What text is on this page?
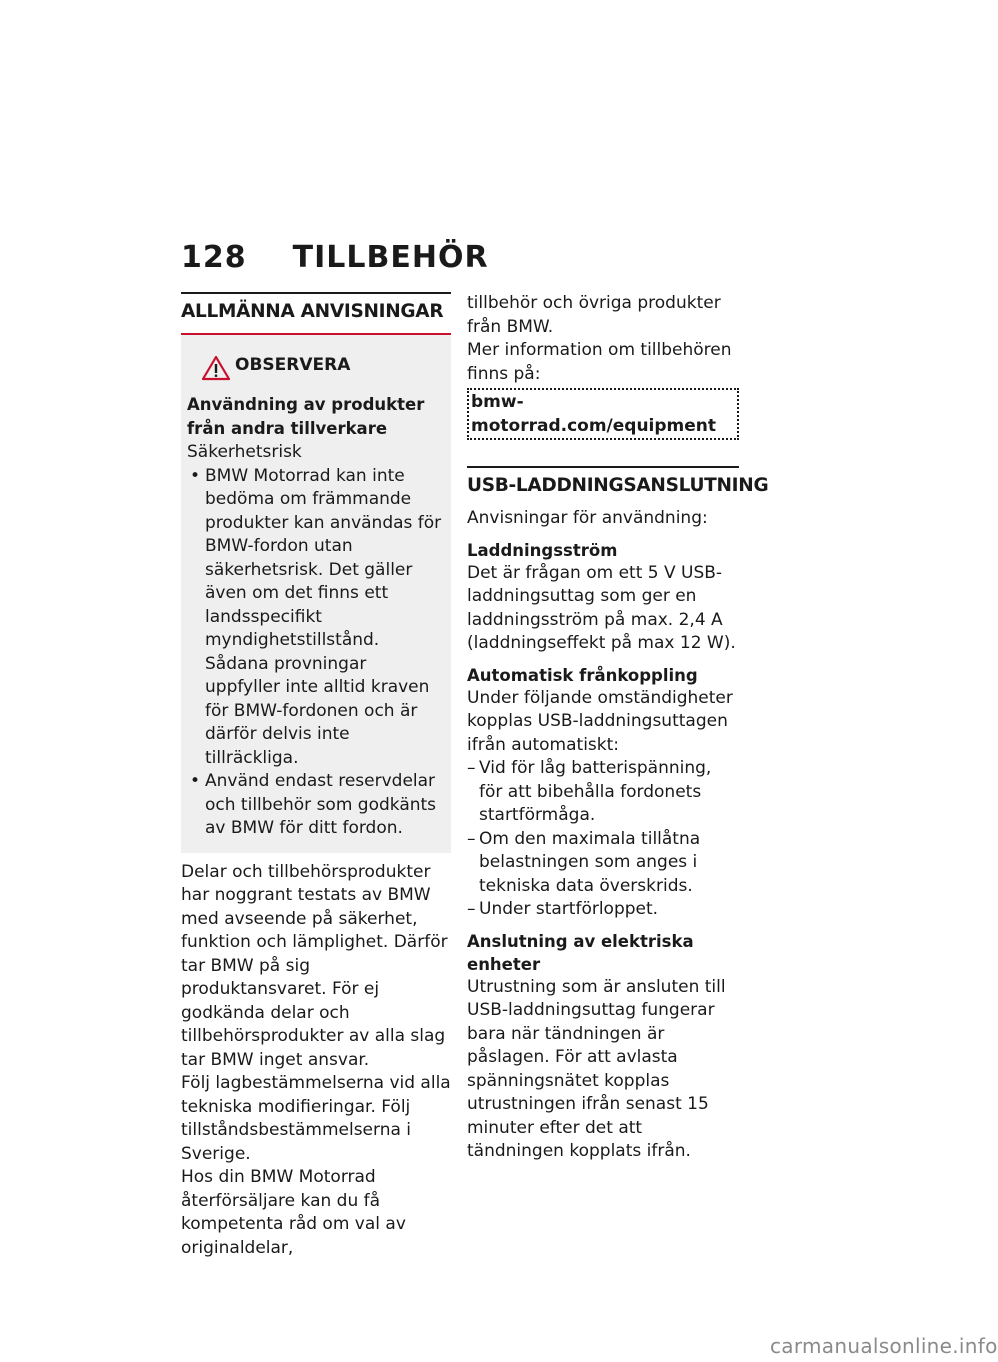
128 TILLBEHÖR
ALLMÄNNA ANVISNINGAR
OBSERVERA
Användning av produkter från andra tillverkare
Säkerhetsrisk
• BMW Motorrad kan inte bedöma om främmande produkter kan användas för BMW-fordon utan säkerhetsrisk. Det gäller även om det finns ett landsspecifikt myndighetstillstånd. Sådana provningar uppfyller inte alltid kraven för BMW-fordonen och är därför delvis inte tillräckliga.
• Använd endast reservdelar och tillbehör som godkänts av BMW för ditt fordon.
Delar och tillbehörsprodukter har noggrant testats av BMW med avseende på säkerhet, funktion och lämplighet. Därför tar BMW på sig produktansvaret. För ej godkända delar och tillbehörsprodukter av alla slag tar BMW inget ansvar.
Följ lagbestämmelserna vid alla tekniska modifieringar. Följ tillståndsbestämmelserna i Sverige.
Hos din BMW Motorrad återförsäljare kan du få kompetenta råd om val av originaldelar,
tillbehör och övriga produkter från BMW.
Mer information om tillbehören finns på:
bmw-motorrad.com/equipment
USB-LADDNINGSANSLUTNING
Anvisningar för användning:
Laddningsström
Det är frågan om ett 5 V USB-laddningsuttag som ger en laddningsström på max. 2,4 A (laddningseffekt på max 12 W).
Automatisk frånkoppling
Under följande omständigheter kopplas USB-laddningsuttagen ifrån automatiskt:
– Vid för låg batterispänning, för att bibehålla fordonets startförmåga.
– Om den maximala tillåtna belastningen som anges i tekniska data överskrids.
– Under startförloppet.
Anslutning av elektriska enheter
Utrustning som är ansluten till USB-laddningsuttag fungerar bara när tändningen är påslagen. För att avlasta spänningsnätet kopplas utrustningen ifrån senast 15 minuter efter det att tändningen kopplats ifrån.
carmanualsonline.info
